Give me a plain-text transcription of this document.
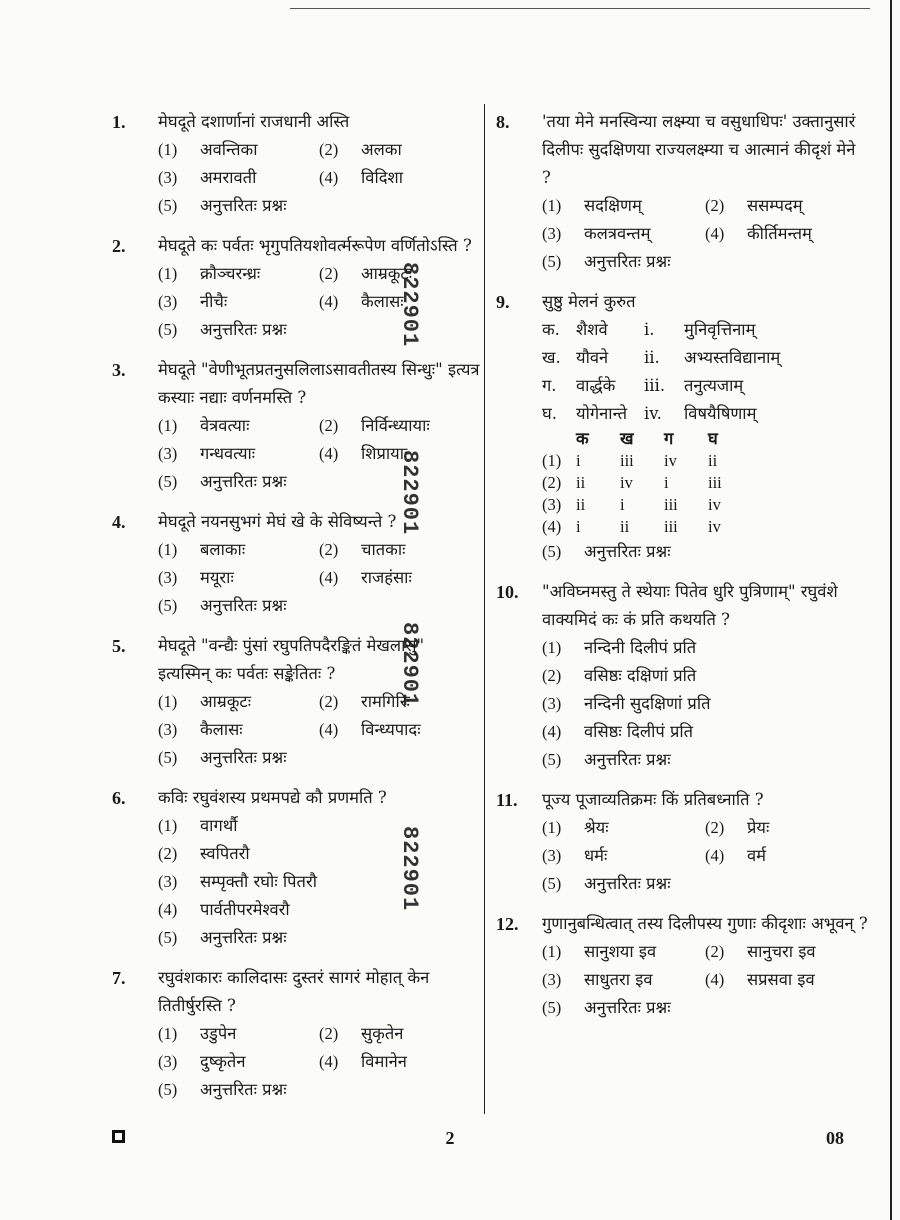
822901
822901
822901
822901
1. मेघदूते दशार्णानां राजधानी अस्ति
(1) अवन्तिका	(2) अलका
(3) अमरावती	(4) विदिशा
(5) अनुत्तरितः प्रश्नः
2. मेघदूते कः पर्वतः भृगुपतियशोवर्त्मरूपेण वर्णितोऽस्ति ?
(1) क्रौञ्चरन्ध्रः	(2) आम्रकूटः
(3) नीचैः	(4) कैलासः
(5) अनुत्तरितः प्रश्नः
3. मेघदूते "वेणीभूतप्रतनुसलिलाऽसावतीतस्य सिन्धुः" इत्यत्र कस्याः नद्याः वर्णनमस्ति ?
(1) वेत्रवत्याः	(2) निर्विन्ध्यायाः
(3) गन्धवत्याः	(4) शिप्रायाः
(5) अनुत्तरितः प्रश्नः
4. मेघदूते नयनसुभगं मेघं खे के सेविष्यन्ते ?
(1) बलाकाः	(2) चातकाः
(3) मयूराः	(4) राजहंसाः
(5) अनुत्तरितः प्रश्नः
5. मेघदूते "वन्द्यैः पुंसां रघुपतिपदैरङ्कितं मेखलासु" इत्यस्मिन् कः पर्वतः सङ्केतितः ?
(1) आम्रकूटः	(2) रामगिरिः
(3) कैलासः	(4) विन्ध्यपादः
(5) अनुत्तरितः प्रश्नः
6. कविः रघुवंशस्य प्रथमपद्ये कौ प्रणमति ?
(1) वागर्थौ
(2) स्वपितरौ
(3) सम्पृक्तौ रघोः पितरौ
(4) पार्वतीपरमेश्वरौ
(5) अनुत्तरितः प्रश्नः
7. रघुवंशकारः कालिदासः दुस्तरं सागरं मोहात् केन तितीर्षुरस्ति ?
(1) उडुपेन	(2) सुकृतेन
(3) दुष्कृतेन	(4) विमानेन
(5) अनुत्तरितः प्रश्नः
8. 'तया मेने मनस्विन्या लक्ष्म्या च वसुधाधिपः' उक्तानुसारं दिलीपः सुदक्षिणया राज्यलक्ष्म्या च आत्मानं कीदृशं मेने ?
(1) सदक्षिणम्	(2) ससम्पदम्
(3) कलत्रवन्तम्	(4) कीर्तिमन्तम्
(5) अनुत्तरितः प्रश्नः
9. सुष्ठु मेलनं कुरुत
क. शैशवे	i.	मुनिवृत्तिनाम्
ख. यौवने	ii.	अभ्यस्तविद्यानाम्
ग.	वार्द्धके	iii.	तनुत्यजाम्
घ.	योगेनान्ते	iv.	विषयैषिणाम्
क	ख	ग	घ
(1) i	iii	iv	ii
(2) ii	iv	i	iii
(3) ii	i	iii	iv
(4) i	ii	iii	iv
(5) अनुत्तरितः प्रश्नः
10. "अविघ्नमस्तु ते स्थेयाः पितेव धुरि पुत्रिणाम्" रघुवंशे वाक्यमिदं कः कं प्रति कथयति ?
(1) नन्दिनी दिलीपं प्रति
(2) वसिष्ठः दक्षिणां प्रति
(3) नन्दिनी सुदक्षिणां प्रति
(4) वसिष्ठः दिलीपं प्रति
(5) अनुत्तरितः प्रश्नः
11. पूज्य पूजाव्यतिक्रमः किं प्रतिबध्नाति ?
(1) श्रेयः	(2) प्रेयः
(3) धर्मः	(4) वर्म
(5) अनुत्तरितः प्रश्नः
12. गुणानुबन्धित्वात् तस्य दिलीपस्य गुणाः कीदृशाः अभूवन् ?
(1) सानुशया इव	(2) सानुचरा इव
(3) साधुतरा इव	(4) सप्रसवा इव
(5) अनुत्तरितः प्रश्नः
2	08
